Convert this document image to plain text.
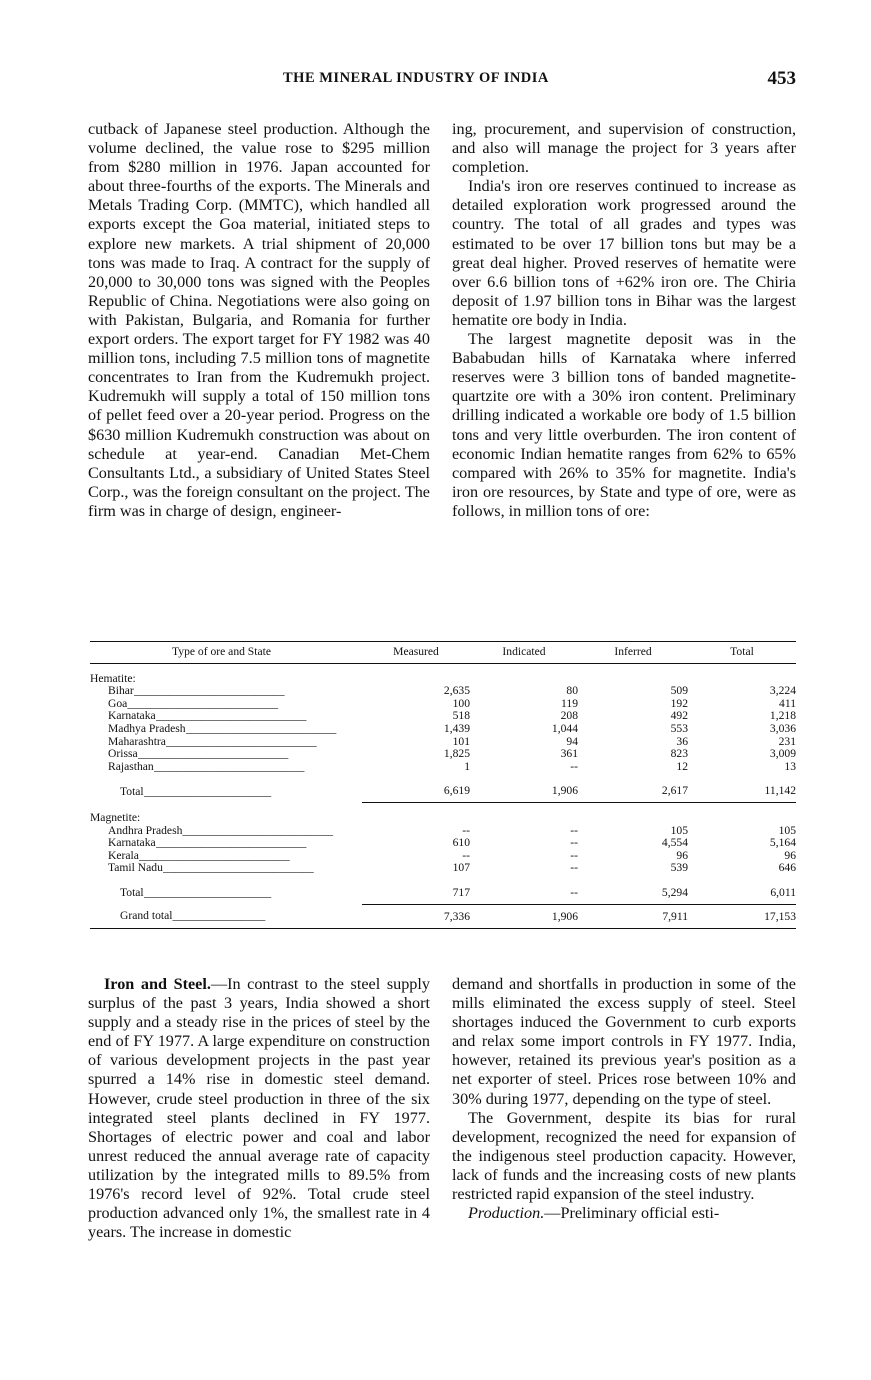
THE MINERAL INDUSTRY OF INDIA	453

cutback of Japanese steel production. Although the volume declined, the value rose to $295 million from $280 million in 1976. Japan accounted for about three-fourths of the exports. The Minerals and Metals Trading Corp. (MMTC), which handled all exports except the Goa material, initiated steps to explore new markets. A trial shipment of 20,000 tons was made to Iraq. A contract for the supply of 20,000 to 30,000 tons was signed with the Peoples Republic of China. Negotiations were also going on with Pakistan, Bulgaria, and Romania for further export orders. The export target for FY 1982 was 40 million tons, including 7.5 million tons of magnetite concentrates to Iran from the Kudremukh project. Kudremukh will supply a total of 150 million tons of pellet feed over a 20-year period. Progress on the $630 million Kudremukh construction was about on schedule at year-end. Canadian Met-Chem Consultants Ltd., a subsidiary of United States Steel Corp., was the foreign consultant on the project. The firm was in charge of design, engineer-

ing, procurement, and supervision of construction, and also will manage the project for 3 years after completion.

India's iron ore reserves continued to increase as detailed exploration work progressed around the country. The total of all grades and types was estimated to be over 17 billion tons but may be a great deal higher. Proved reserves of hematite were over 6.6 billion tons of +62% iron ore. The Chiria deposit of 1.97 billion tons in Bihar was the largest hematite ore body in India.

The largest magnetite deposit was in the Bababudan hills of Karnataka where inferred reserves were 3 billion tons of banded magnetite-quartzite ore with a 30% iron content. Preliminary drilling indicated a workable ore body of 1.5 billion tons and very little overburden. The iron content of economic Indian hematite ranges from 62% to 65% compared with 26% to 35% for magnetite. India's iron ore resources, by State and type of ore, were as follows, in million tons of ore:

Type of ore and State	Measured	Indicated	Inferred	Total
Hematite:				
Bihar__________________________	2,635	80	509	3,224
Goa__________________________	100	119	192	411
Karnataka__________________________	518	208	492	1,218
Madhya Pradesh__________________________	1,439	1,044	553	3,036
Maharashtra__________________________	101	94	36	231
Orissa__________________________	1,825	361	823	3,009
Rajasthan__________________________	1	--	12	13

Total______________________	6,619	1,906	2,617	11,142
Magnetite:				
Andhra Pradesh__________________________	--	--	105	105
Karnataka__________________________	610	--	4,554	5,164
Kerala__________________________	--	--	96	96
Tamil Nadu__________________________	107	--	539	646

Total______________________	717	--	5,294	6,011
Grand total________________	7,336	1,906	7,911	17,153

Iron and Steel.—In contrast to the steel supply surplus of the past 3 years, India showed a short supply and a steady rise in the prices of steel by the end of FY 1977. A large expenditure on construction of various development projects in the past year spurred a 14% rise in domestic steel demand. However, crude steel production in three of the six integrated steel plants declined in FY 1977. Shortages of electric power and coal and labor unrest reduced the annual average rate of capacity utilization by the integrated mills to 89.5% from 1976's record level of 92%. Total crude steel production advanced only 1%, the smallest rate in 4 years. The increase in domestic

demand and shortfalls in production in some of the mills eliminated the excess supply of steel. Steel shortages induced the Government to curb exports and relax some import controls in FY 1977. India, however, retained its previous year's position as a net exporter of steel. Prices rose between 10% and 30% during 1977, depending on the type of steel.

The Government, despite its bias for rural development, recognized the need for expansion of the indigenous steel production capacity. However, lack of funds and the increasing costs of new plants restricted rapid expansion of the steel industry.

Production.—Preliminary official esti-
